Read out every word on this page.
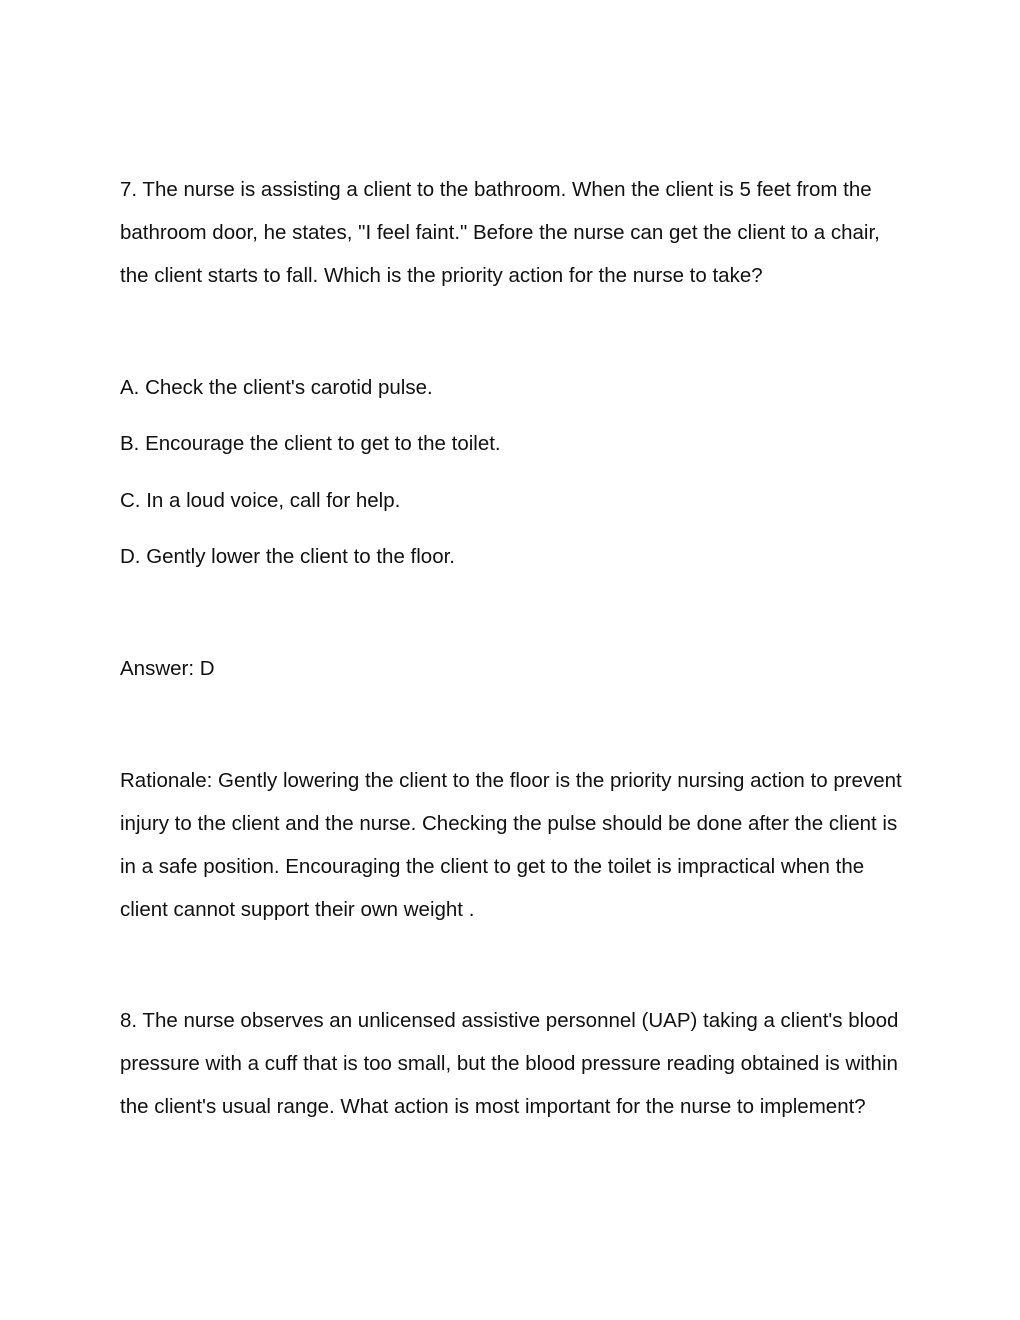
7. The nurse is assisting a client to the bathroom. When the client is 5 feet from the bathroom door, he states, "I feel faint." Before the nurse can get the client to a chair, the client starts to fall. Which is the priority action for the nurse to take?

A. Check the client's carotid pulse.

B. Encourage the client to get to the toilet.

C. In a loud voice, call for help.

D. Gently lower the client to the floor.

Answer: D

Rationale: Gently lowering the client to the floor is the priority nursing action to prevent injury to the client and the nurse. Checking the pulse should be done after the client is in a safe position. Encouraging the client to get to the toilet is impractical when the client cannot support their own weight .

8. The nurse observes an unlicensed assistive personnel (UAP) taking a client's blood pressure with a cuff that is too small, but the blood pressure reading obtained is within the client's usual range. What action is most important for the nurse to implement?
